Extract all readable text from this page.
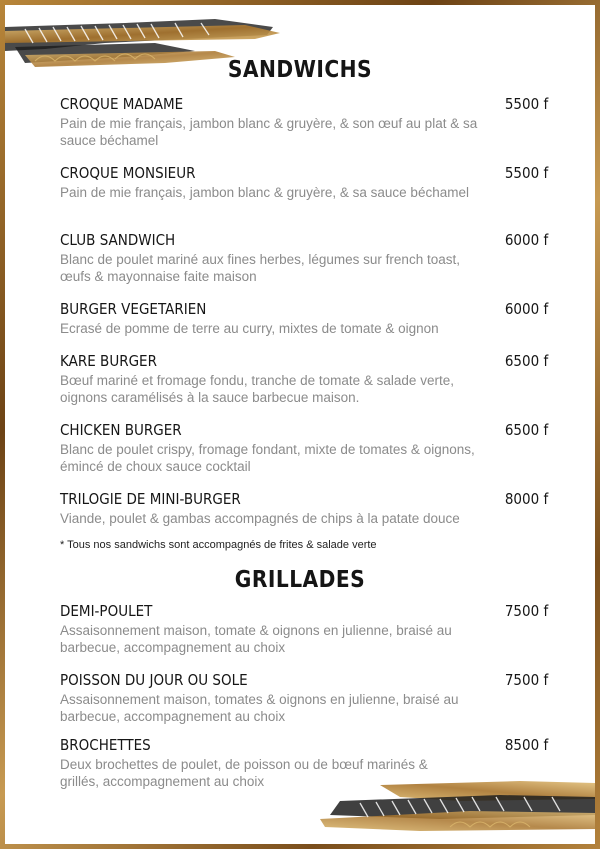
SANDWICHS
CROQUE MADAME	5500 f
Pain de mie français, jambon blanc & gruyère, & son œuf au plat & sa sauce béchamel
CROQUE MONSIEUR	5500 f
Pain de mie français, jambon blanc & gruyère, & sa sauce béchamel
CLUB SANDWICH	6000 f
Blanc de poulet mariné aux fines herbes, légumes sur french toast, œufs & mayonnaise faite maison
BURGER VEGETARIEN	6000 f
Ecrasé de pomme de terre au curry, mixtes de tomate & oignon
KARE BURGER	6500 f
Bœuf mariné et fromage fondu, tranche de tomate & salade verte, oignons caramélisés à la sauce barbecue maison.
CHICKEN BURGER	6500 f
Blanc de poulet crispy, fromage fondant, mixte de tomates & oignons, émincé de choux sauce cocktail
TRILOGIE DE MINI-BURGER	8000 f
Viande, poulet & gambas accompagnés de chips à la patate douce
* Tous nos sandwichs sont accompagnés de frites & salade verte
GRILLADES
DEMI-POULET	7500 f
Assaisonnement maison, tomate & oignons en julienne, braisé au barbecue, accompagnement au choix
POISSON DU JOUR OU SOLE	7500 f
Assaisonnement maison, tomates & oignons en julienne, braisé au barbecue, accompagnement au choix
BROCHETTES	8500 f
Deux brochettes de poulet, de poisson ou de bœuf marinés & grillés, accompagnement au choix
